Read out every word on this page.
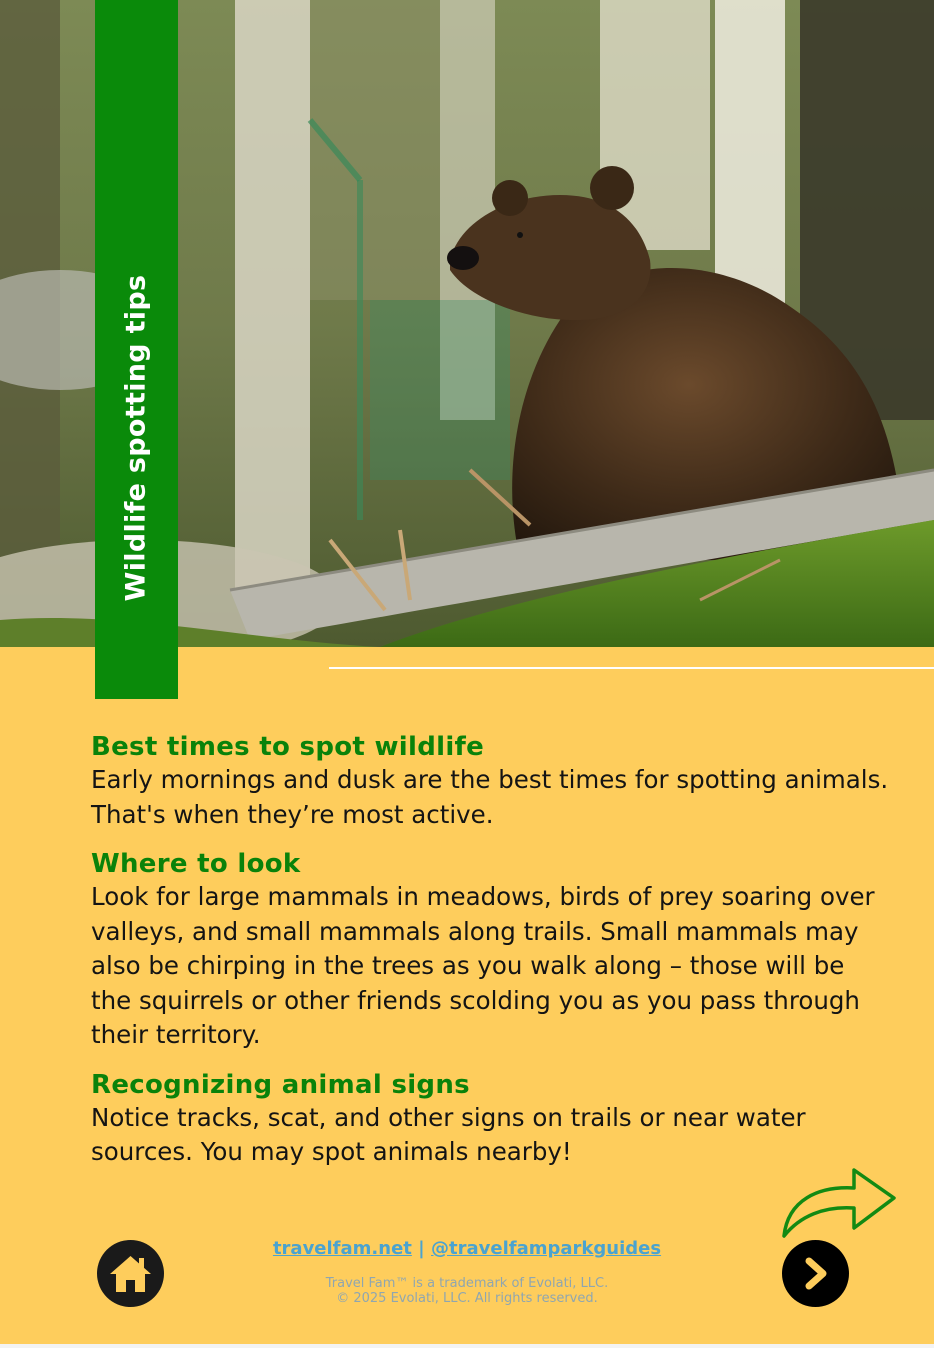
Wildlife spotting tips
Best times to spot wildlife
Early mornings and dusk are the best times for spotting animals. That's when they’re most active.
Where to look
Look for large mammals in meadows, birds of prey soaring over valleys, and small mammals along trails. Small mammals may also be chirping in the trees as you walk along – those will be the squirrels or other friends scolding you as you pass through their territory.
Recognizing animal signs
Notice tracks, scat, and other signs on trails or near water sources. You may spot animals nearby!
travelfam.net | @travelfamparkguides
Travel Fam™ is a trademark of Evolati, LLC.
© 2025 Evolati, LLC. All rights reserved.
